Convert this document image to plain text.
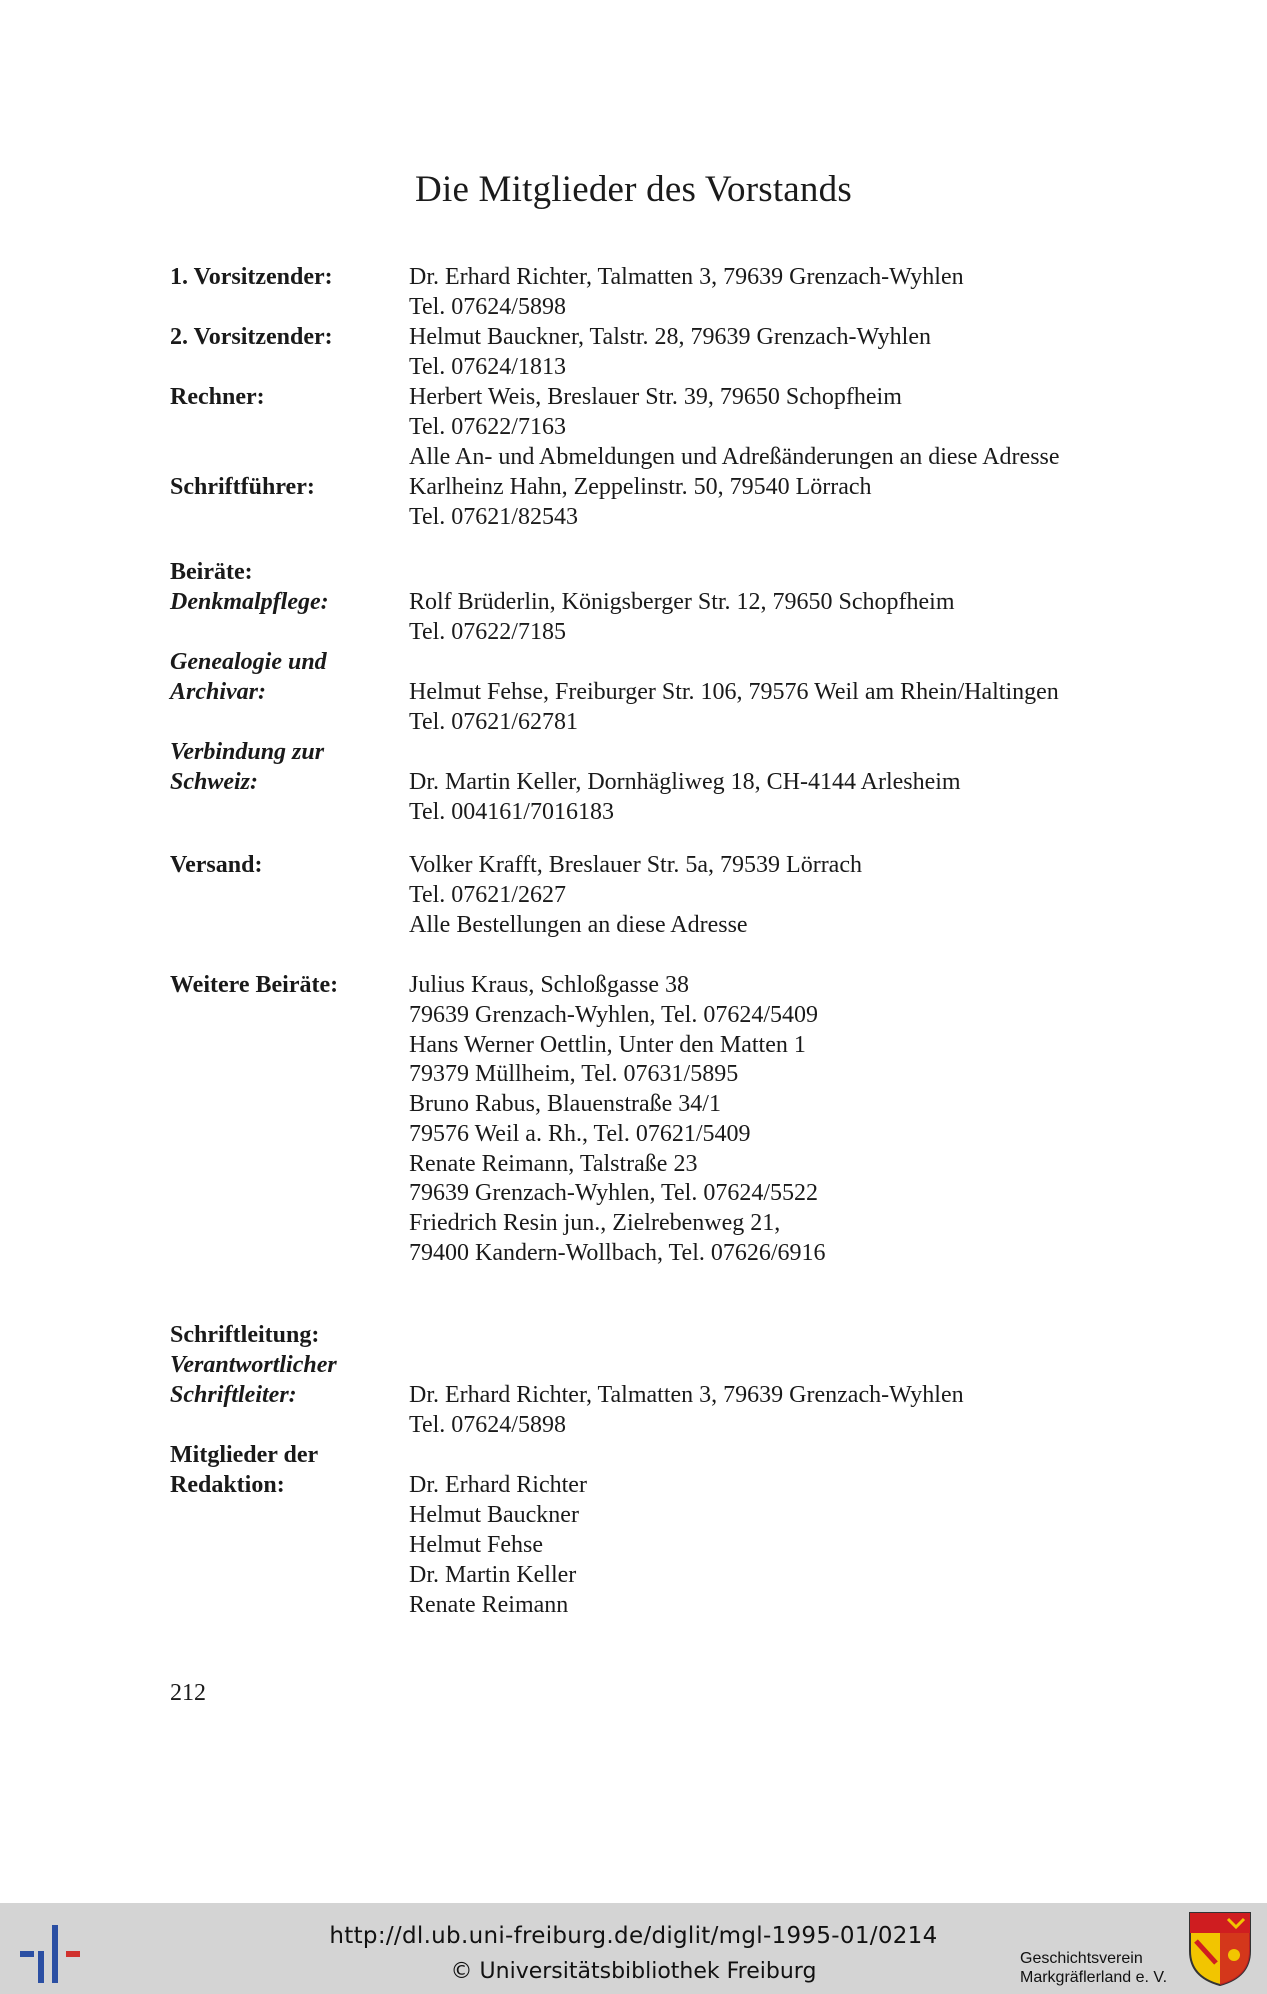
Die Mitglieder des Vorstands
1. Vorsitzender:	Dr. Erhard Richter, Talmatten 3, 79639 Grenzach-Wyhlen
Tel. 07624/5898
2. Vorsitzender:	Helmut Bauckner, Talstr. 28, 79639 Grenzach-Wyhlen
Tel. 07624/1813
Rechner:	Herbert Weis, Breslauer Str. 39, 79650 Schopfheim
Tel. 07622/7163
Alle An- und Abmeldungen und Adreßänderungen an diese Adresse
Schriftführer:	Karlheinz Hahn, Zeppelinstr. 50, 79540 Lörrach
Tel. 07621/82543
Beiräte:
Denkmalpflege:	Rolf Brüderlin, Königsberger Str. 12, 79650 Schopfheim
Tel. 07622/7185
Genealogie und
Archivar:	Helmut Fehse, Freiburger Str. 106, 79576 Weil am Rhein/Haltingen
Tel. 07621/62781
Verbindung zur
Schweiz:	Dr. Martin Keller, Dornhägliweg 18, CH-4144 Arlesheim
Tel. 004161/7016183
Versand:	Volker Krafft, Breslauer Str. 5a, 79539 Lörrach
Tel. 07621/2627
Alle Bestellungen an diese Adresse
Weitere Beiräte:	Julius Kraus, Schloßgasse 38
79639 Grenzach-Wyhlen, Tel. 07624/5409
Hans Werner Oettlin, Unter den Matten 1
79379 Müllheim, Tel. 07631/5895
Bruno Rabus, Blauenstraße 34/1
79576 Weil a. Rh., Tel. 07621/5409
Renate Reimann, Talstraße 23
79639 Grenzach-Wyhlen, Tel. 07624/5522
Friedrich Resin jun., Zielrebenweg 21,
79400 Kandern-Wollbach, Tel. 07626/6916
Schriftleitung:
Verantwortlicher
Schriftleiter:	Dr. Erhard Richter, Talmatten 3, 79639 Grenzach-Wyhlen
Tel. 07624/5898
Mitglieder der
Redaktion:	Dr. Erhard Richter
Helmut Bauckner
Helmut Fehse
Dr. Martin Keller
Renate Reimann
212
http://dl.ub.uni-freiburg.de/diglit/mgl-1995-01/0214
© Universitätsbibliothek Freiburg
Geschichtsverein
Markgräflerland e. V.
